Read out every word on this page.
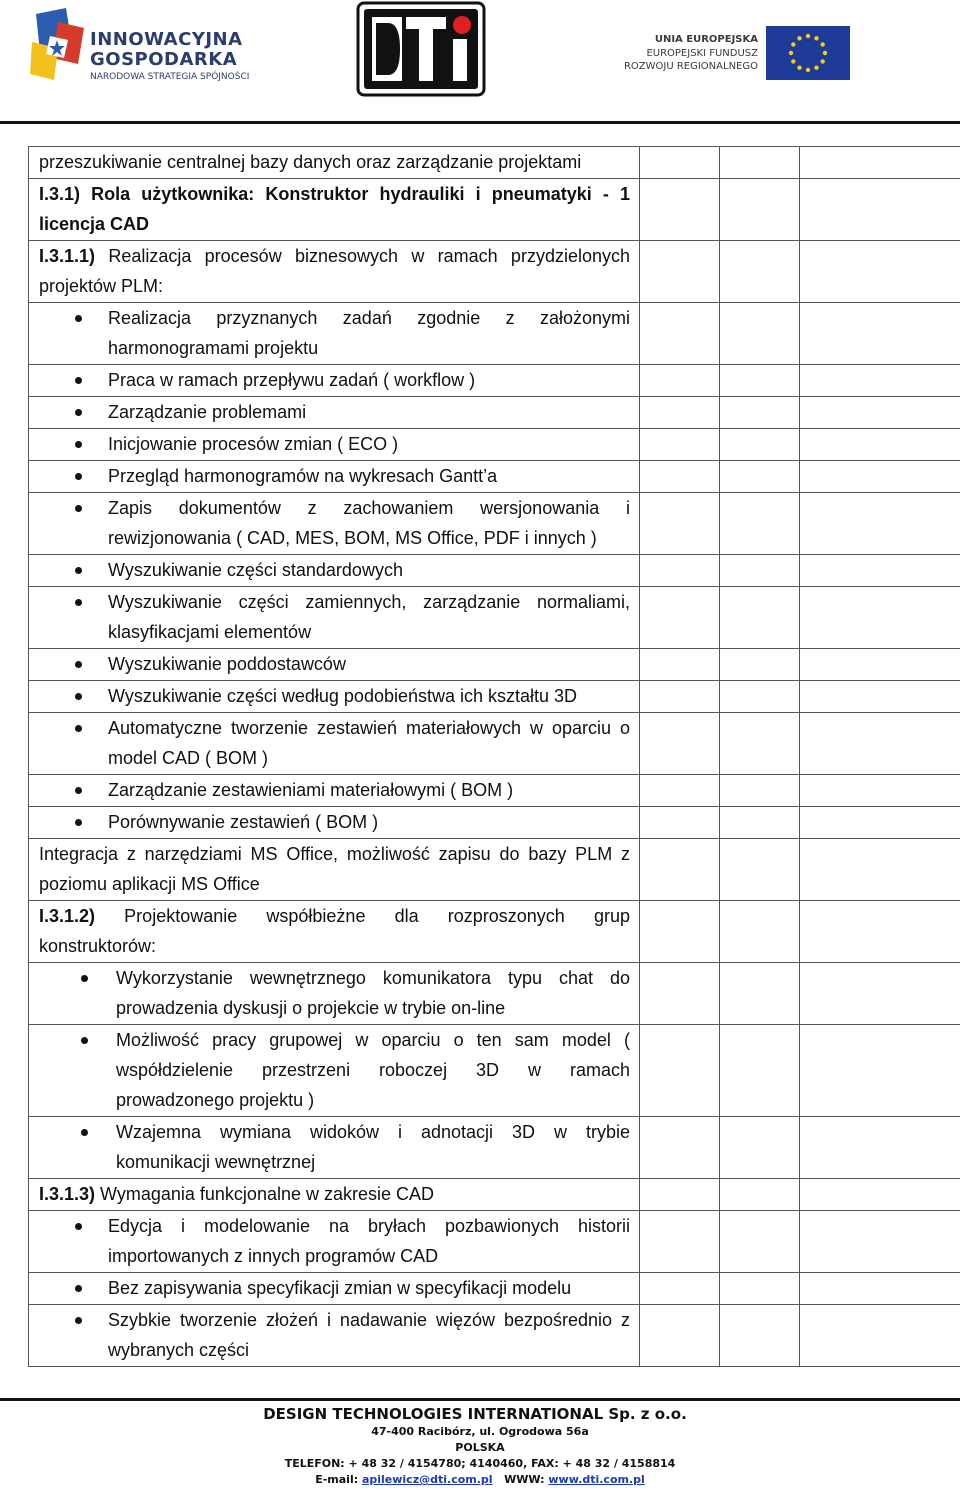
INNOWACYJNA
GOSPODARKA
NARODOWA STRATEGIA SPÓJNOŚCI
UNIA EUROPEJSKA
EUROPEJSKI FUNDUSZ
ROZWOJU REGIONALNEGO
przeszukiwanie centralnej bazy danych oraz zarządzanie projektami			

I.3.1) Rola użytkownika: Konstruktor hydrauliki i pneumatyki - 1 licencja CAD			

I.3.1.1) Realizacja procesów biznesowych w ramach przydzielonych projektów PLM:			

Realizacja przyznanych zadań zgodnie z założonymi harmonogramami projektu			

Praca w ramach przepływu zadań ( workflow )			

Zarządzanie problemami			

Inicjowanie procesów zmian ( ECO )			

Przegląd harmonogramów na wykresach Gantt’a			

Zapis dokumentów z zachowaniem wersjonowania i rewizjonowania ( CAD, MES, BOM, MS Office, PDF i innych )			

Wyszukiwanie części standardowych			

Wyszukiwanie części zamiennych, zarządzanie normaliami, klasyfikacjami elementów			

Wyszukiwanie poddostawców			

Wyszukiwanie części według podobieństwa ich kształtu 3D			

Automatyczne tworzenie zestawień materiałowych w oparciu o model CAD ( BOM )			

Zarządzanie zestawieniami materiałowymi ( BOM )			

Porównywanie zestawień ( BOM )			

Integracja z narzędziami MS Office, możliwość zapisu do bazy PLM z poziomu aplikacji MS Office			

I.3.1.2) Projektowanie współbieżne dla rozproszonych grup konstruktorów:			

Wykorzystanie wewnętrznego komunikatora typu chat do prowadzenia dyskusji o projekcie w trybie on-line			

Możliwość pracy grupowej w oparciu o ten sam model ( współdzielenie przestrzeni roboczej 3D w ramach prowadzonego projektu )			

Wzajemna wymiana widoków i adnotacji 3D w trybie komunikacji wewnętrznej			

I.3.1.3) Wymagania funkcjonalne w zakresie CAD			

Edycja i modelowanie na bryłach pozbawionych historii importowanych z innych programów CAD			

Bez zapisywania specyfikacji zmian w specyfikacji modelu			

Szybkie tworzenie złożeń i nadawanie więzów bezpośrednio z wybranych części			

DESIGN TECHNOLOGIES INTERNATIONAL Sp. z o.o.
47-400 Racibórz, ul. Ogrodowa 56a
POLSKA
TELEFON: + 48 32 / 4154780; 4140460, FAX: + 48 32 / 4158814
E-mail: apilewicz@dti.com.pl WWW: www.dti.com.pl
